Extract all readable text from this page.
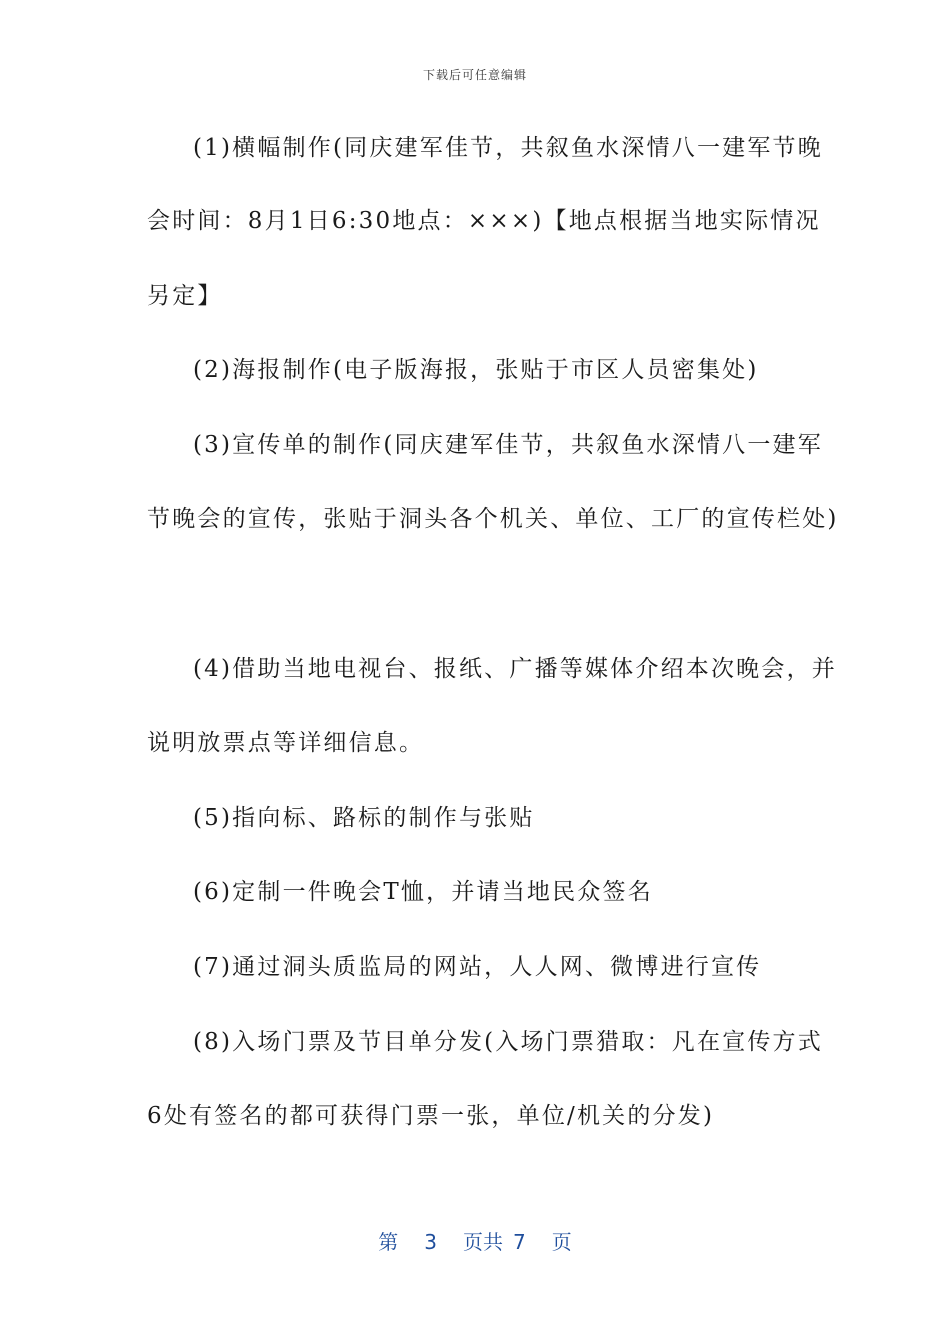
下载后可任意编辑
(1)横幅制作(同庆建军佳节，共叙鱼水深情八一建军节晚
会时间：8月1日6:30地点：×××)【地点根据当地实际情况
另定】
(2)海报制作(电子版海报，张贴于市区人员密集处)
(3)宣传单的制作(同庆建军佳节，共叙鱼水深情八一建军
节晚会的宣传，张贴于洞头各个机关、单位、工厂的宣传栏处)
(4)借助当地电视台、报纸、广播等媒体介绍本次晚会，并
说明放票点等详细信息。
(5)指向标、路标的制作与张贴
(6)定制一件晚会T恤，并请当地民众签名
(7)通过洞头质监局的网站，人人网、微博进行宣传
(8)入场门票及节目单分发(入场门票猎取：凡在宣传方式
6处有签名的都可获得门票一张，单位/机关的分发)
第 3 页共 7 页
